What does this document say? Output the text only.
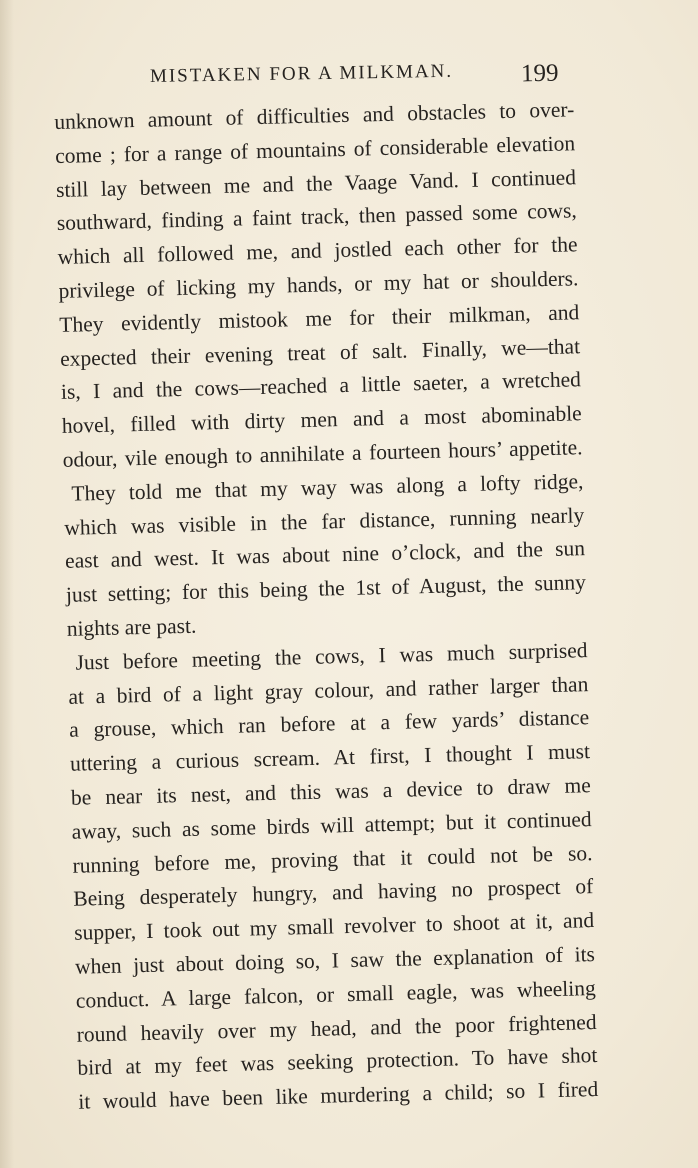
MISTAKEN FOR A MILKMAN.	199
unknown amount of difficulties and obstacles to over-
come ; for a range of mountains of considerable elevation
still lay between me and the Vaage Vand. I continued
southward, finding a faint track, then passed some cows,
which all followed me, and jostled each other for the
privilege of licking my hands, or my hat or shoulders.
They evidently mistook me for their milkman, and
expected their evening treat of salt. Finally, we—that
is, I and the cows—reached a little saeter, a wretched
hovel, filled with dirty men and a most abominable
odour, vile enough to annihilate a fourteen hours’ appetite.
They told me that my way was along a lofty ridge,
which was visible in the far distance, running nearly
east and west. It was about nine o’clock, and the sun
just setting; for this being the 1st of August, the sunny
nights are past.
Just before meeting the cows, I was much surprised
at a bird of a light gray colour, and rather larger than
a grouse, which ran before at a few yards’ distance
uttering a curious scream. At first, I thought I must
be near its nest, and this was a device to draw me
away, such as some birds will attempt; but it continued
running before me, proving that it could not be so.
Being desperately hungry, and having no prospect of
supper, I took out my small revolver to shoot at it, and
when just about doing so, I saw the explanation of its
conduct. A large falcon, or small eagle, was wheeling
round heavily over my head, and the poor frightened
bird at my feet was seeking protection. To have shot
it would have been like murdering a child; so I fired
